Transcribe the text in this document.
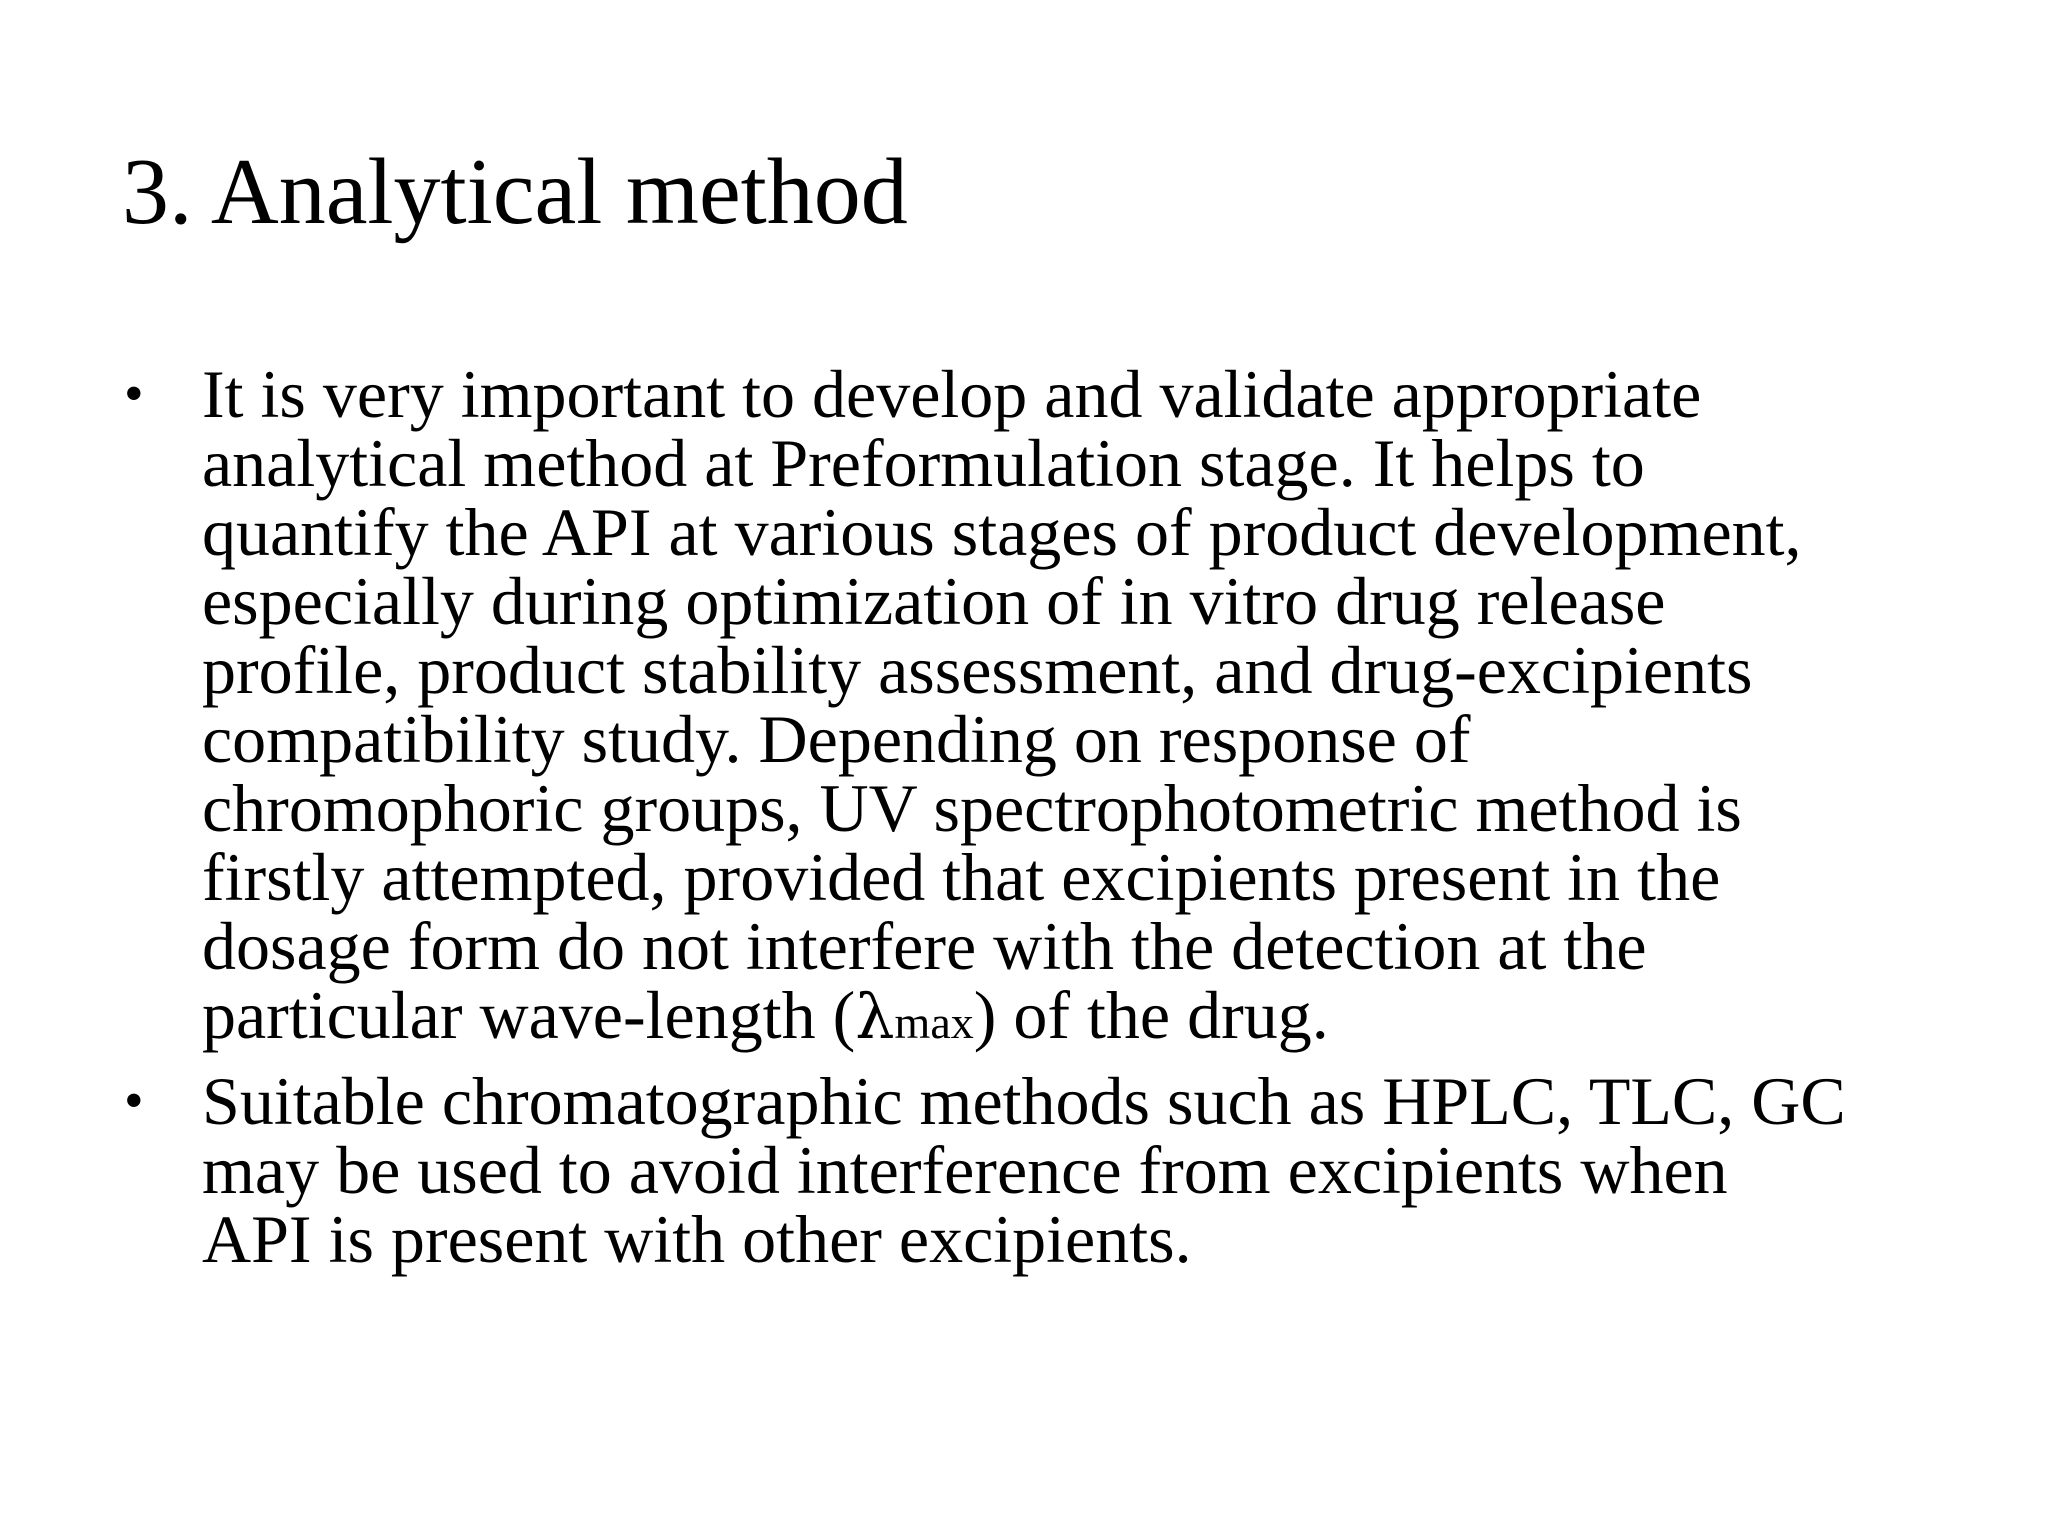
3. Analytical method
• It is very important to develop and validate appropriate
analytical method at Preformulation stage. It helps to
quantify the API at various stages of product development,
especially during optimization of in vitro drug release
profile, product stability assessment, and drug-excipients
compatibility study. Depending on response of
chromophoric groups, UV spectrophotometric method is
firstly attempted, provided that excipients present in the
dosage form do not interfere with the detection at the
particular wave-length (λmax) of the drug.
• Suitable chromatographic methods such as HPLC, TLC, GC
may be used to avoid interference from excipients when
API is present with other excipients.
